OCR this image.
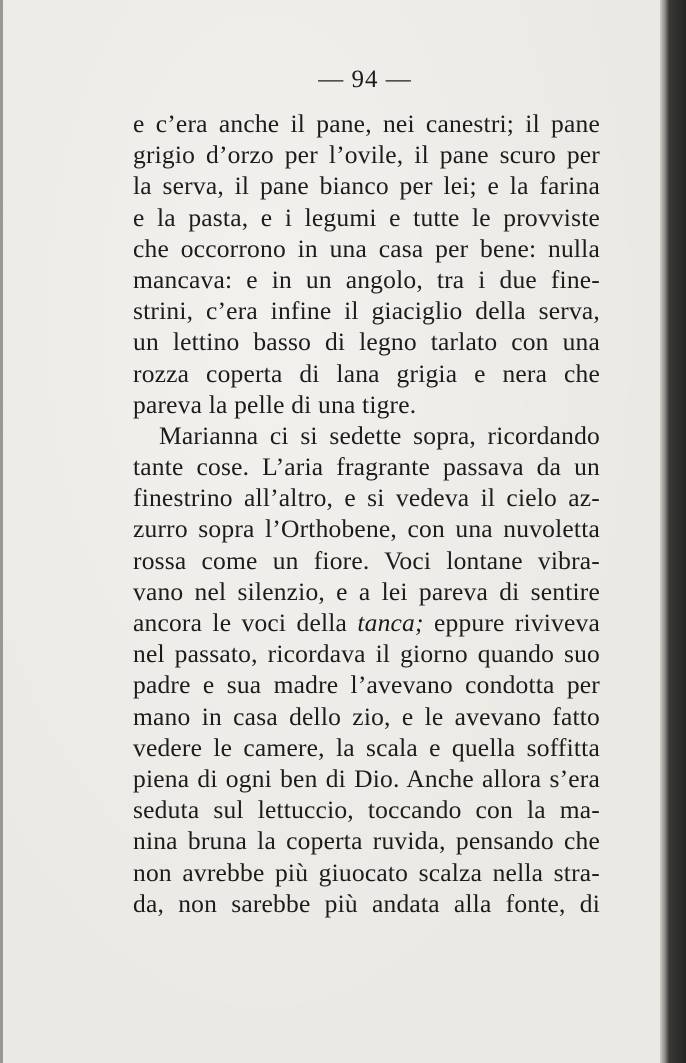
— 94 —
e c’era anche il pane, nei canestri; il pane
grigio d’orzo per l’ovile, il pane scuro per
la serva, il pane bianco per lei; e la farina
e la pasta, e i legumi e tutte le provviste
che occorrono in una casa per bene: nulla
mancava: e in un angolo, tra i due fine-
strini, c’era infine il giaciglio della serva,
un lettino basso di legno tarlato con una
rozza coperta di lana grigia e nera che
pareva la pelle di una tigre.
Marianna ci si sedette sopra, ricordando
tante cose. L’aria fragrante passava da un
finestrino all’altro, e si vedeva il cielo az-
zurro sopra l’Orthobene, con una nuvoletta
rossa come un fiore. Voci lontane vibra-
vano nel silenzio, e a lei pareva di sentire
ancora le voci della tanca; eppure riviveva
nel passato, ricordava il giorno quando suo
padre e sua madre l’avevano condotta per
mano in casa dello zio, e le avevano fatto
vedere le camere, la scala e quella soffitta
piena di ogni ben di Dio. Anche allora s’era
seduta sul lettuccio, toccando con la ma-
nina bruna la coperta ruvida, pensando che
non avrebbe più giuocato scalza nella stra-
da, non sarebbe più andata alla fonte, di
